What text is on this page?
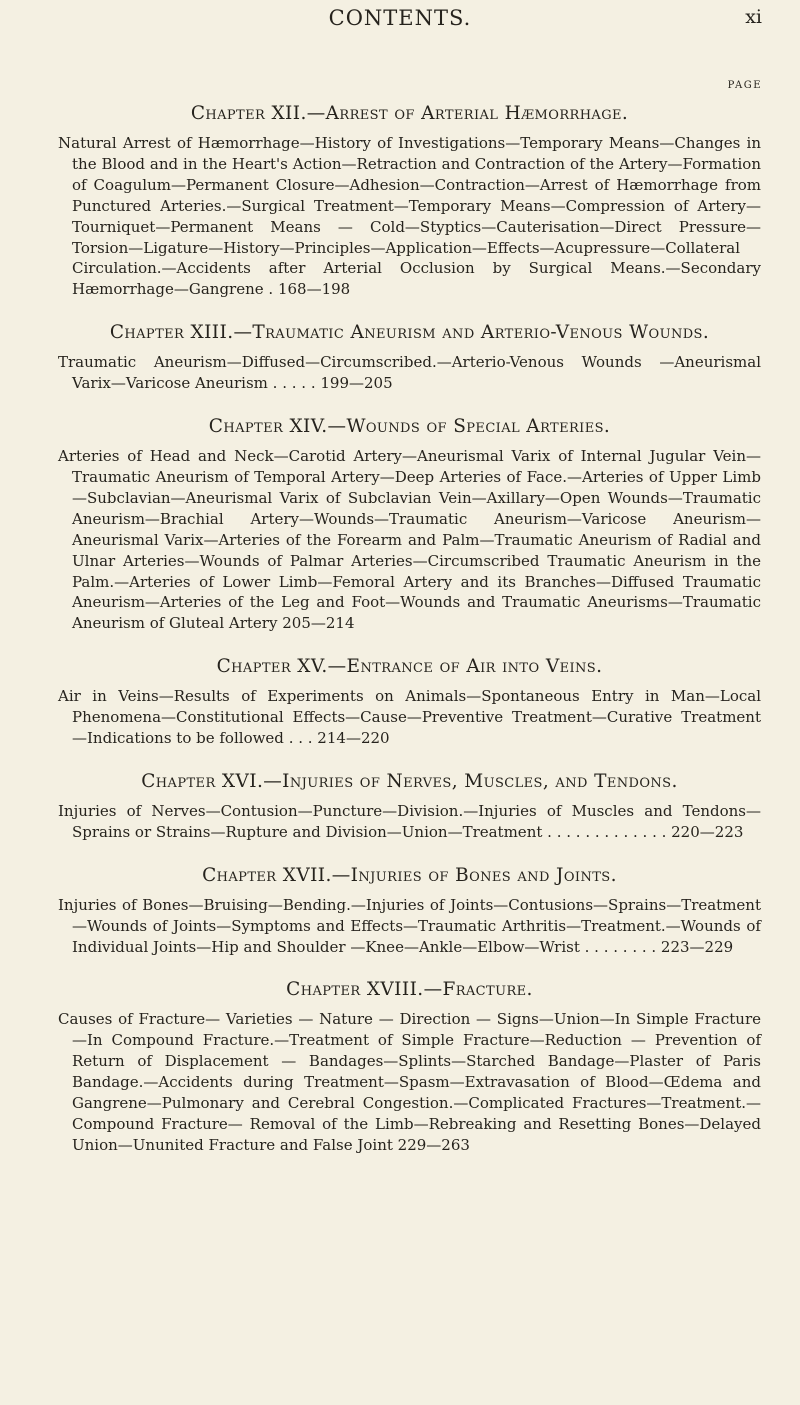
CONTENTS.	xi
PAGE
Chapter XII.—Arrest of Arterial Hæmorrhage.

Natural Arrest of Hæmorrhage—History of Investigations—Temporary Means—Changes in the Blood and in the Heart's Action—Retraction and Contraction of the Artery—Formation of Coagulum—Permanent Closure—Adhesion—Contraction—Arrest of Hæmorrhage from Punctured Arteries.—Surgical Treatment—Temporary Means—Compression of Artery—Tourniquet—Permanent Means — Cold—Styptics—Cauterisation—Direct Pressure—Torsion—Ligature—History—Principles—Application—Effects—Acupressure—Collateral Circulation.—Accidents after Arterial Occlusion by Surgical Means.—Secondary Hæmorrhage—Gangrene . 168—198

Chapter XIII.—Traumatic Aneurism and Arterio-Venous Wounds.

Traumatic Aneurism—Diffused—Circumscribed.—Arterio-Venous Wounds —Aneurismal Varix—Varicose Aneurism . . . . . 199—205

Chapter XIV.—Wounds of Special Arteries.

Arteries of Head and Neck—Carotid Artery—Aneurismal Varix of Internal Jugular Vein—Traumatic Aneurism of Temporal Artery—Deep Arteries of Face.—Arteries of Upper Limb—Subclavian—Aneurismal Varix of Subclavian Vein—Axillary—Open Wounds—Traumatic Aneurism—Brachial Artery—Wounds—Traumatic Aneurism—Varicose Aneurism— Aneurismal Varix—Arteries of the Forearm and Palm—Traumatic Aneurism of Radial and Ulnar Arteries—Wounds of Palmar Arteries—Circumscribed Traumatic Aneurism in the Palm.—Arteries of Lower Limb—Femoral Artery and its Branches—Diffused Traumatic Aneurism—Arteries of the Leg and Foot—Wounds and Traumatic Aneurisms—Traumatic Aneurism of Gluteal Artery 205—214

Chapter XV.—Entrance of Air into Veins.

Air in Veins—Results of Experiments on Animals—Spontaneous Entry in Man—Local Phenomena—Constitutional Effects—Cause—Preventive Treatment—Curative Treatment—Indications to be followed . . . 214—220

Chapter XVI.—Injuries of Nerves, Muscles, and Tendons.

Injuries of Nerves—Contusion—Puncture—Division.—Injuries of Muscles and Tendons—Sprains or Strains—Rupture and Division—Union—Treatment . . . . . . . . . . . . . 220—223

Chapter XVII.—Injuries of Bones and Joints.

Injuries of Bones—Bruising—Bending.—Injuries of Joints—Contusions—Sprains—Treatment—Wounds of Joints—Symptoms and Effects—Traumatic Arthritis—Treatment.—Wounds of Individual Joints—Hip and Shoulder —Knee—Ankle—Elbow—Wrist . . . . . . . . 223—229

Chapter XVIII.—Fracture.

Causes of Fracture— Varieties — Nature — Direction — Signs—Union—In Simple Fracture—In Compound Fracture.—Treatment of Simple Fracture—Reduction — Prevention of Return of Displacement — Bandages—Splints—Starched Bandage—Plaster of Paris Bandage.—Accidents during Treatment—Spasm—Extravasation of Blood—Œdema and Gangrene—Pulmonary and Cerebral Congestion.—Complicated Fractures—Treatment.—Compound Fracture— Removal of the Limb—Rebreaking and Resetting Bones—Delayed Union—Ununited Fracture and False Joint 229—263
